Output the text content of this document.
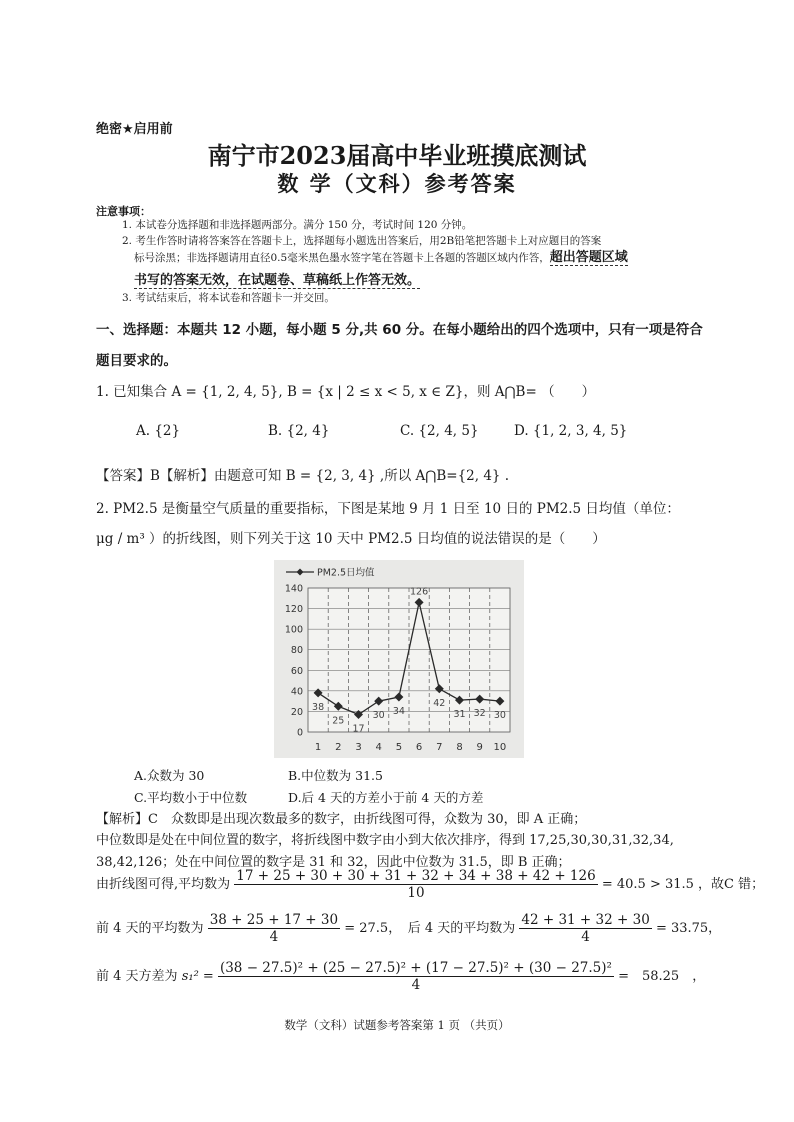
绝密★启用前
南宁市2023届高中毕业班摸底测试
数 学（文科）参考答案
注意事项：
1. 本试卷分选择题和非选择题两部分。满分 150 分，考试时间 120 分钟。
2. 考生作答时请将答案答在答题卡上，选择题每小题选出答案后，用2B铅笔把答题卡上对应题目的答案
标号涂黑；非选择题请用直径0.5毫米黑色墨水签字笔在答题卡上各题的答题区域内作答，超出答题区域
书写的答案无效，在试题卷、草稿纸上作答无效。
3. 考试结束后，将本试卷和答题卡一并交回。
一、选择题：本题共 12 小题，每小题 5 分,共 60 分。在每小题给出的四个选项中，只有一项是符合
题目要求的。
1. 已知集合 A = {1, 2, 4, 5}, B = {x | 2 ≤ x < 5, x ∈ Z}，则 A⋂B= （　　）
A. {2}	B. {2, 4}	C. {2, 4, 5}	D. {1, 2, 3, 4, 5}
【答案】B【解析】由题意可知 B = {2, 3, 4} ,所以 A⋂B={2, 4} .
2. PM2.5 是衡量空气质量的重要指标，下图是某地 9 月 1 日至 10 日的 PM2.5 日均值（单位：
μg / m³ ）的折线图，则下列关于这 10 天中 PM2.5 日均值的说法错误的是（　　）
0
20
40
60
80
100
120
140
1 2 3 4 5 6 7 8 9 10
38
25
17
30 34
126
42
31 32 30
PM2.5日均值
A.众数为 30	B.中位数为 31.5
C.平均数小于中位数	D.后 4 天的方差小于前 4 天的方差
【解析】C　众数即是出现次数最多的数字，由折线图可得，众数为 30，即 A 正确；
中位数即是处在中间位置的数字，将折线图中数字由小到大依次排序，得到 17,25,30,30,31,32,34,
38,42,126；处在中间位置的数字是 31 和 32，因此中位数为 31.5，即 B 正确；
由折线图可得,平均数为 $\frac{17 + 25 + 30 + 30 + 31 + 32 + 34 + 38 + 42 + 126}{10} = 40.5 > 31.5$ ，故C 错；
前 4 天的平均数为 $\frac{38 + 25 + 17 + 30}{4} = 27.5$，　后 4 天的平均数为 $\frac{42 + 31 + 32 + 30}{4} = 33.75$，
前 4 天方差为 $s_1^2 = \frac{\text{(38 − 27.5)² + (25 − 27.5)² + (17 − 27.5)² + (30 − 27.5)²}}{4}$ =　58.25　，
数学（文科）试题参考答案第 1 页 （共页）
